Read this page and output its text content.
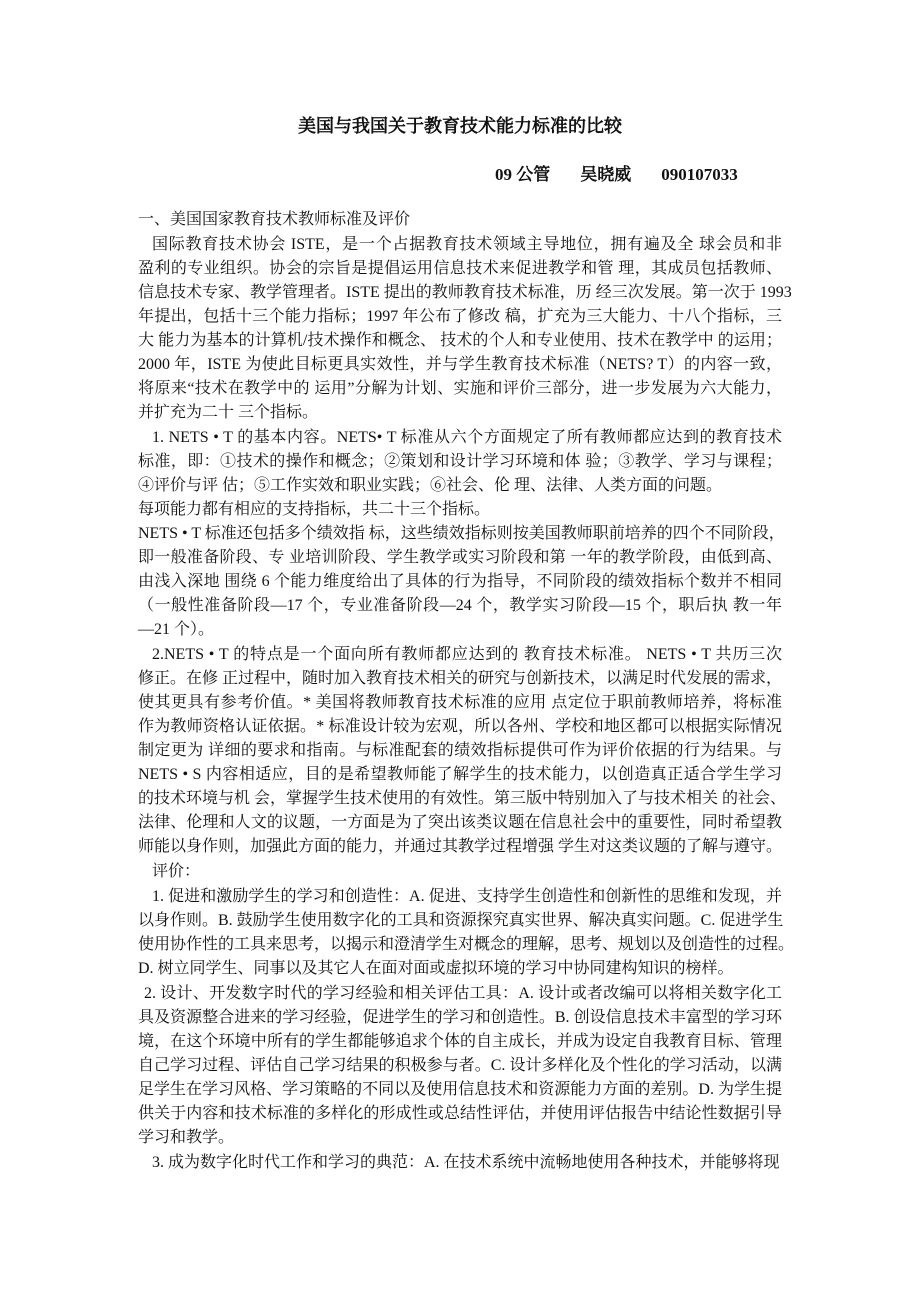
美国与我国关于教育技术能力标准的比较
09 公管 吴晓威 090107033
一、美国国家教育技术教师标准及评价
国际教育技术协会 ISTE，是一个占据教育技术领域主导地位，拥有遍及全 球会员和非
盈利的专业组织。协会的宗旨是提倡运用信息技术来促进教学和管 理，其成员包括教师、
信息技术专家、教学管理者。ISTE 提出的教师教育技术标准，历 经三次发展。第一次于 1993
年提出，包括十三个能力指标；1997 年公布了修改 稿，扩充为三大能力、十八个指标，三
大 能力为基本的计算机/技术操作和概念、 技术的个人和专业使用、技术在教学中 的运用；
2000 年，ISTE 为使此目标更具实效性，并与学生教育技术标准（NETS? T）的内容一致，
将原来“技术在教学中的 运用”分解为计划、实施和评价三部分，进一步发展为六大能力，
并扩充为二十 三个指标。
1. NETS • T 的基本内容。NETS• T 标准从六个方面规定了所有教师都应达到的教育技术
标准，即：①技术的操作和概念；②策划和设计学习环境和体 验；③教学、学习与课程；
④评价与评 估；⑤工作实效和职业实践；⑥社会、伦 理、法律、人类方面的问题。
每项能力都有相应的支持指标，共二十三个指标。
NETS • T 标准还包括多个绩效指 标，这些绩效指标则按美国教师职前培养的四个不同阶段，
即一般准备阶段、专 业培训阶段、学生教学或实习阶段和第 一年的教学阶段，由低到高、
由浅入深地 围绕 6 个能力维度给出了具体的行为指导，不同阶段的绩效指标个数并不相同
（一般性准备阶段—17 个，专业准备阶段—24 个，教学实习阶段—15 个，职后执 教一年
—21 个）。
2.NETS • T 的特点是一个面向所有教师都应达到的 教育技术标准。 NETS • T 共历三次
修正。在修 正过程中，随时加入教育技术相关的研究与创新技术，以满足时代发展的需求，
使其更具有参考价值。* 美国将教师教育技术标准的应用 点定位于职前教师培养，将标准
作为教师资格认证依据。* 标准设计较为宏观，所以各州、学校和地区都可以根据实际情况
制定更为 详细的要求和指南。与标准配套的绩效指标提供可作为评价依据的行为结果。与
NETS • S 内容相适应，目的是希望教师能了解学生的技术能力，以创造真正适合学生学习
的技术环境与机 会，掌握学生技术使用的有效性。第三版中特别加入了与技术相关 的社会、
法律、伦理和人文的议题，一方面是为了突出该类议题在信息社会中的重要性，同时希望教
师能以身作则，加强此方面的能力，并通过其教学过程增强 学生对这类议题的了解与遵守。
评价：
1. 促进和激励学生的学习和创造性：A. 促进、支持学生创造性和创新性的思维和发现，并
以身作则。B. 鼓励学生使用数字化的工具和资源探究真实世界、解决真实问题。C. 促进学生
使用协作性的工具来思考，以揭示和澄清学生对概念的理解，思考、规划以及创造性的过程。
D. 树立同学生、同事以及其它人在面对面或虚拟环境的学习中协同建构知识的榜样。
2. 设计、开发数字时代的学习经验和相关评估工具：A. 设计或者改编可以将相关数字化工
具及资源整合进来的学习经验，促进学生的学习和创造性。B. 创设信息技术丰富型的学习环
境，在这个环境中所有的学生都能够追求个体的自主成长，并成为设定自我教育目标、管理
自己学习过程、评估自己学习结果的积极参与者。C. 设计多样化及个性化的学习活动，以满
足学生在学习风格、学习策略的不同以及使用信息技术和资源能力方面的差别。D. 为学生提
供关于内容和技术标准的多样化的形成性或总结性评估，并使用评估报告中结论性数据引导
学习和教学。
3. 成为数字化时代工作和学习的典范：A. 在技术系统中流畅地使用各种技术，并能够将现
